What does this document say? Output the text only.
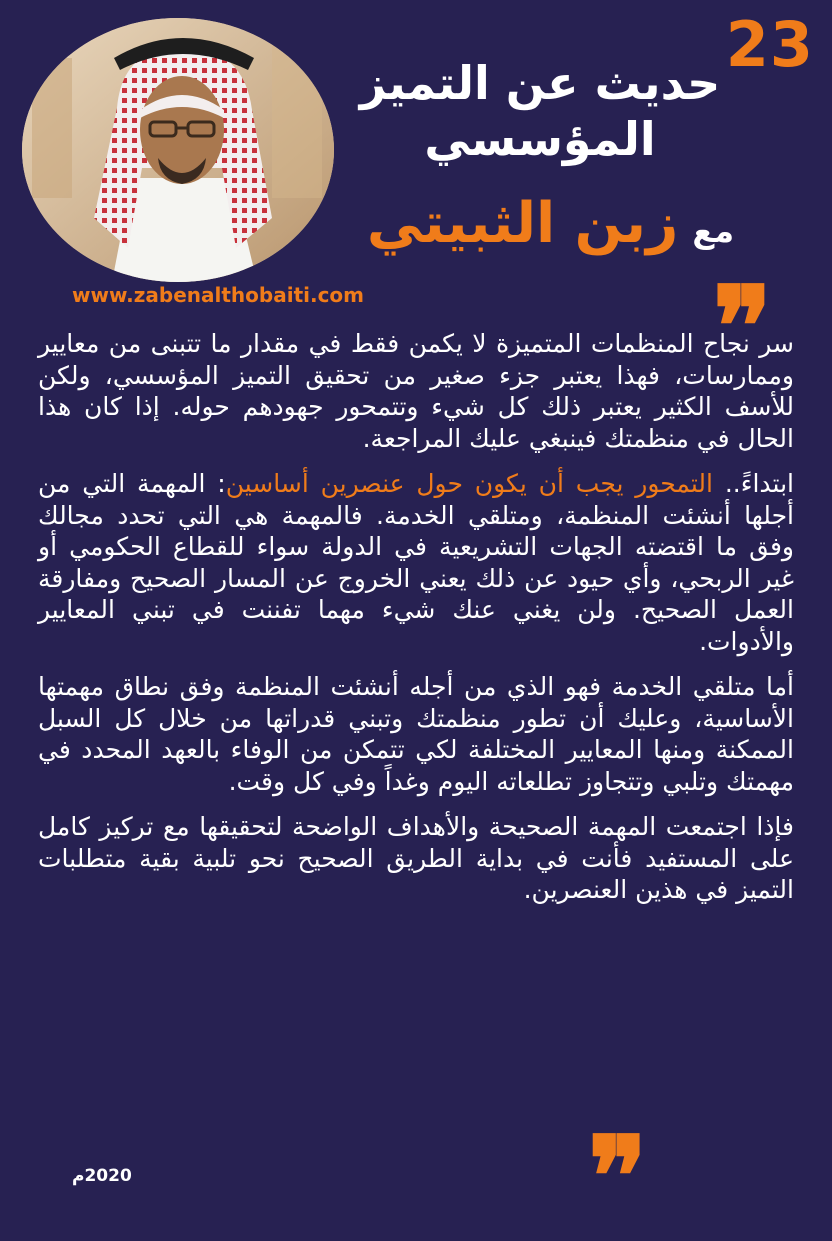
23
حديث عن التميز
المؤسسي
مع
زبن الثبيتي
www.zabenalthobaiti.com	❞

سر نجاح المنظمات المتميزة لا يكمن فقط في مقدار ما تتبنى من معايير وممارسات، فهذا يعتبر جزء صغير من تحقيق التميز المؤسسي، ولكن للأسف الكثير يعتبر ذلك كل شيء وتتمحور جهودهم حوله. إذا كان هذا الحال في منظمتك فينبغي عليك المراجعة.

ابتداءً.. التمحور يجب أن يكون حول عنصرين أساسين: المهمة التي من أجلها أنشئت المنظمة، ومتلقي الخدمة. فالمهمة هي التي تحدد مجالك وفق ما اقتضته الجهات التشريعية في الدولة سواء للقطاع الحكومي أو غير الربحي، وأي حيود عن ذلك يعني الخروج عن المسار الصحيح ومفارقة العمل الصحيح. ولن يغني عنك شيء مهما تفننت في تبني المعايير والأدوات.

أما متلقي الخدمة فهو الذي من أجله أنشئت المنظمة وفق نطاق مهمتها الأساسية، وعليك أن تطور منظمتك وتبني قدراتها من خلال كل السبل الممكنة ومنها المعايير المختلفة لكي تتمكن من الوفاء بالعهد المحدد في مهمتك وتلبي وتتجاوز تطلعاته اليوم وغداً وفي كل وقت.

فإذا اجتمعت المهمة الصحيحة والأهداف الواضحة لتحقيقها مع تركيز كامل على المستفيد فأنت في بداية الطريق الصحيح نحو تلبية بقية متطلبات التميز في هذين العنصرين.

❞
2020م
